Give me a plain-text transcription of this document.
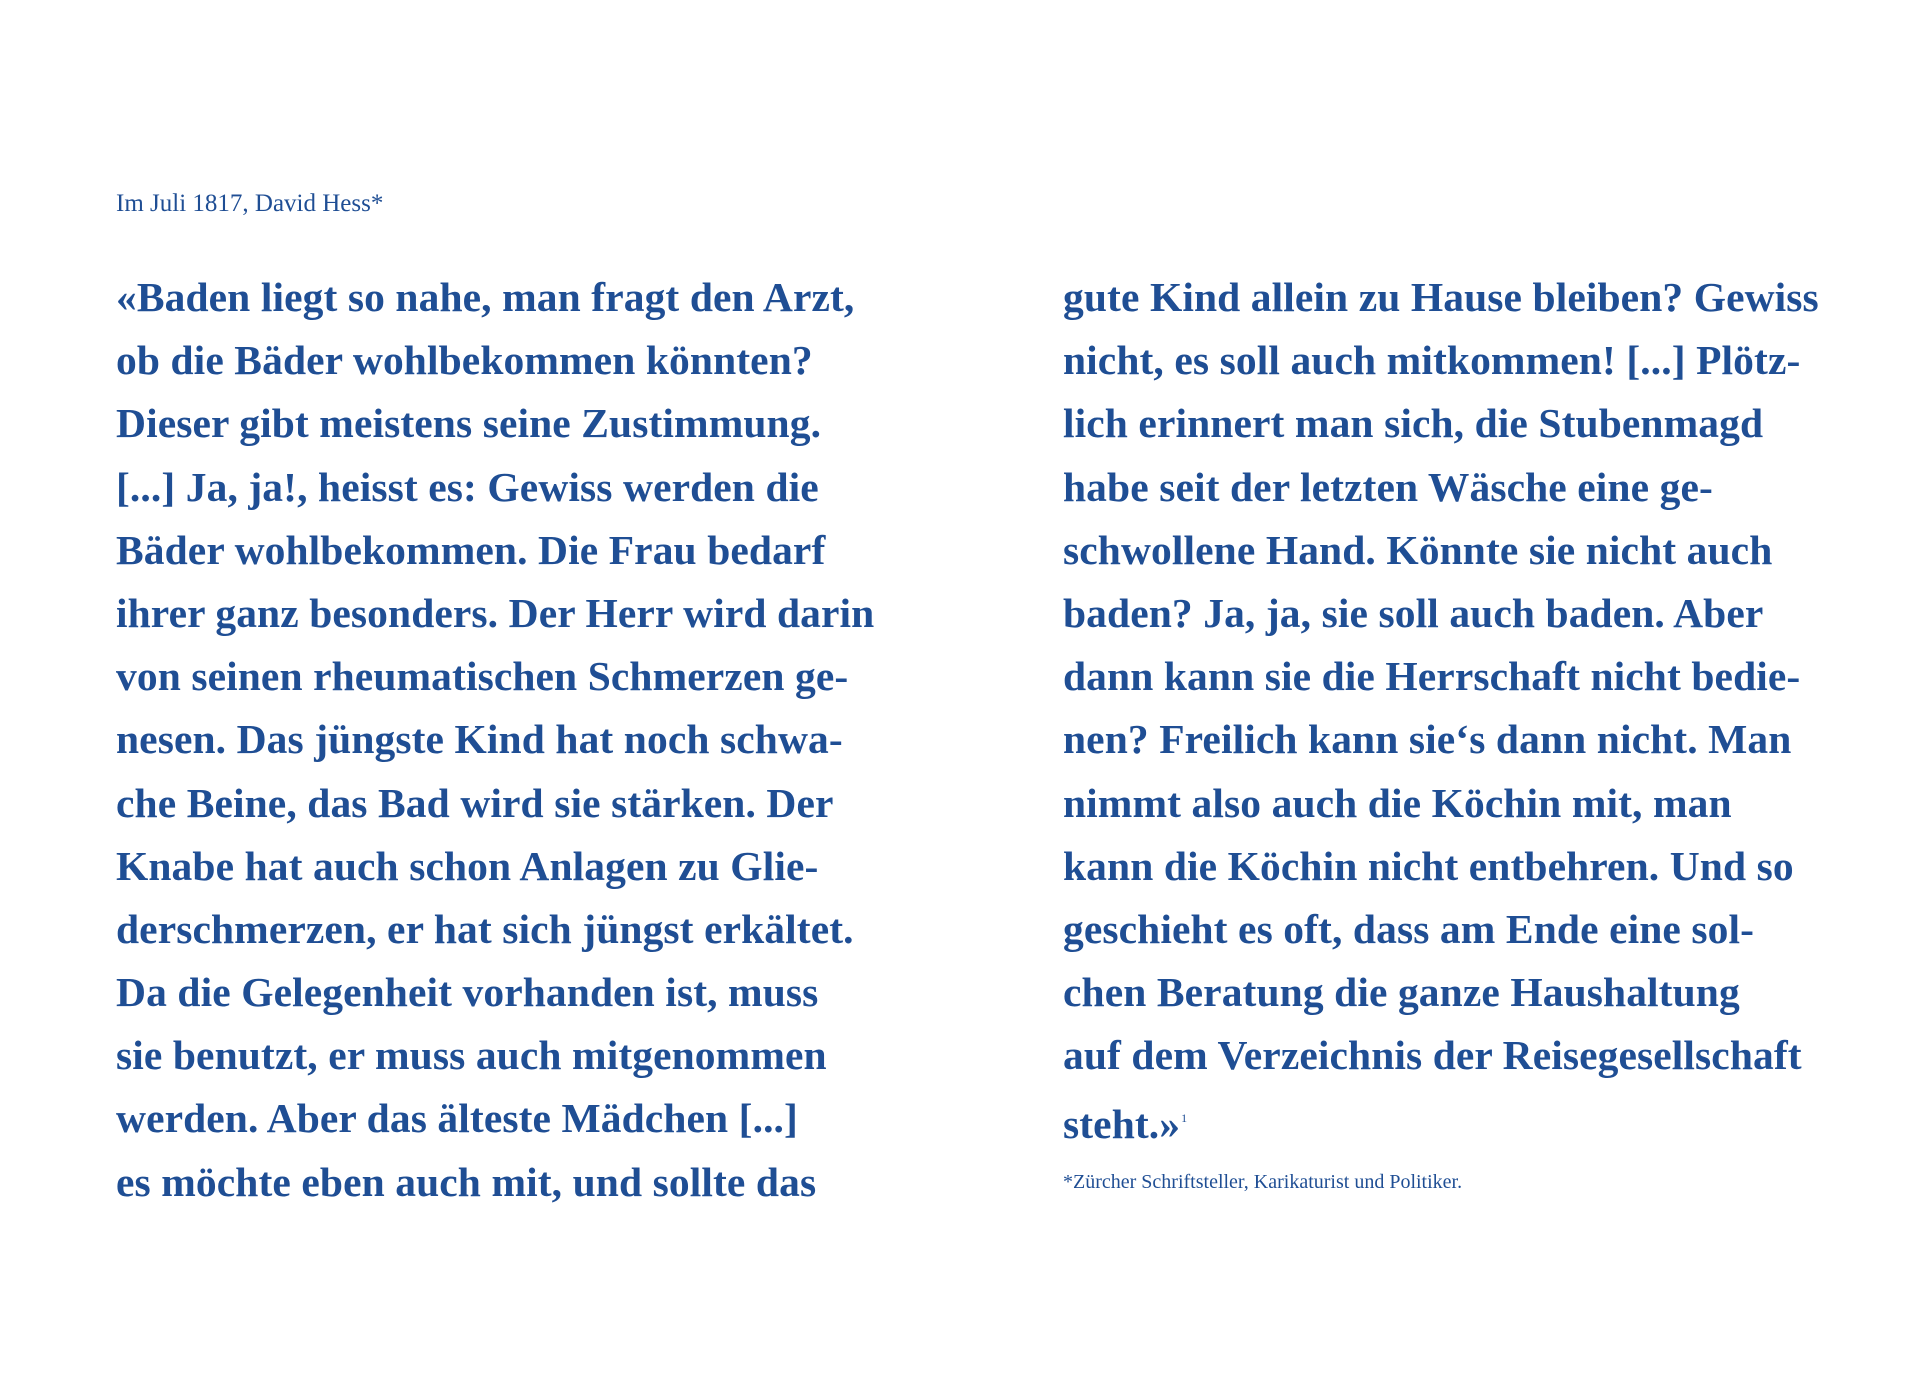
Im Juli 1817, David Hess*
«Baden liegt so nahe, man fragt den Arzt,
ob die Bäder wohlbekommen könnten?
Dieser gibt meistens seine Zustimmung.
[...] Ja, ja!, heisst es: Gewiss werden die
Bäder wohlbekommen. Die Frau bedarf
ihrer ganz besonders. Der Herr wird darin
von seinen rheumatischen Schmerzen ge-
nesen. Das jüngste Kind hat noch schwa-
che Beine, das Bad wird sie stärken. Der
Knabe hat auch schon Anlagen zu Glie-
derschmerzen, er hat sich jüngst erkältet.
Da die Gelegenheit vorhanden ist, muss
sie benutzt, er muss auch mitgenommen
werden. Aber das älteste Mädchen [...]
es möchte eben auch mit, und sollte das
gute Kind allein zu Hause bleiben? Gewiss
nicht, es soll auch mitkommen! [...] Plötz-
lich erinnert man sich, die Stubenmagd
habe seit der letzten Wäsche eine ge-
schwollene Hand. Könnte sie nicht auch
baden? Ja, ja, sie soll auch baden. Aber
dann kann sie die Herrschaft nicht bedie-
nen? Freilich kann sie‘s dann nicht. Man
nimmt also auch die Köchin mit, man
kann die Köchin nicht entbehren. Und so
geschieht es oft, dass am Ende eine sol-
chen Beratung die ganze Haushaltung
auf dem Verzeichnis der Reisegesellschaft
steht.»$^1$
*Zürcher Schriftsteller, Karikaturist und Politiker.
